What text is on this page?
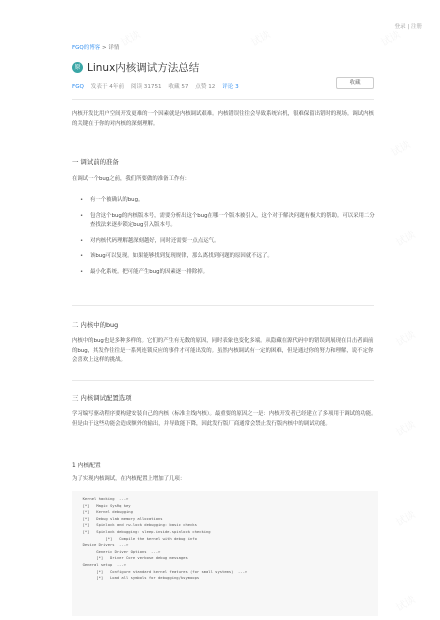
试读	试读	试读
试读
试读
试读
试读
试读
试读
登录 | 注册
FGQ的博客 > 详情
原 Linux内核调试方法总结
FGQ 发表于 4年前 阅读 31751 收藏 57 点赞 12 评论 3
收藏
内核开发比用户空间开发更难的一个因素就是内核调试艰难。内核错误往往会导致系统宕机，很难保留出错时的现场。调试内核的关键在于你的对内核的深刻理解。
一 调试前的准备
在调试一个bug之前，我们所要做的准备工作有：
• 有一个被确认的bug。
• 包含这个bug的内核版本号，需要分析出这个bug在哪一个版本被引入，这个对于解决问题有极大的帮助。可以采用二分查找法来逐步锁定bug引入版本号。
• 对内核代码理解越深刻越好，同时还需要一点点运气。
• 该bug可以复现。如果能够找到复现规律，那么离找到问题的原因就不远了。
• 最小化系统。把可能产生bug的因素逐一排除掉。
二 内核中的bug
内核中的bug也是多种多样的。它们的产生有无数的原因，同时表象也变化多端。从隐藏在源代码中的错误到展现在目击者面前的bug，其发作往往是一系列连锁反应的事件才可能出发的。虽然内核调试有一定的困难，但是通过你的努力和理解，说不定你会喜欢上这样的挑战。
三 内核调试配置选项
学习编写驱动程序要构建安装自己的内核（标准主线内核）。最重要的原因之一是：内核开发者已经建立了多项用于调试的功能。但是由于这些功能会造成额外的输出，并导致能下降，因此发行版厂商通常会禁止发行版内核中的调试功能。
1 内核配置
为了实现内核调试，在内核配置上增加了几项：
Kernel hacking  --->
[*]   Magic SysRq key
[*]   Kernel debugging
[*]   Debug slab memory allocations
[*]   Spinlock and rw-lock debugging: basic checks
[*]   Spinlock debugging: sleep-inside-spinlock checking
[*]   Compile the kernel with debug info
Device Drivers  --->
Generic Driver Options  --->
[*]   Driver Core verbose debug messages
General setup  --->
[*]   Configure standard kernel features (for small systems)  --->
[*]   Load all symbols for debugging/ksymoops
